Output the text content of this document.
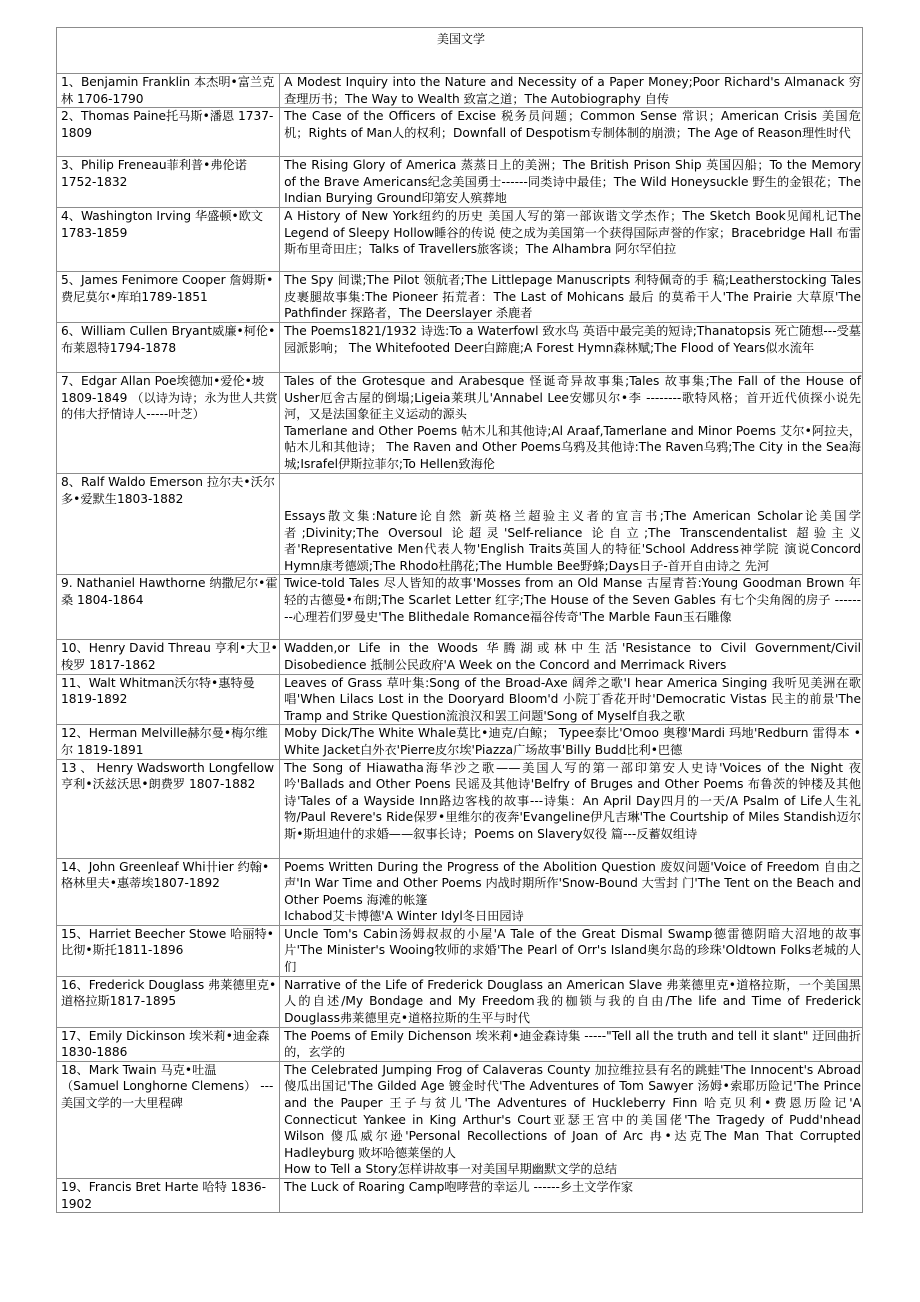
美国文学	
1、Benjamin Franklin 本杰明•富兰克林 1706-1790	A Modest Inquiry into the Nature and Necessity of a Paper Money;Poor Richard's Almanack 穷查理历书；The Way to Wealth 致富之道；The Autobiography 自传

2、Thomas Paine托马斯•潘恩 1737-1809	The Case of the Officers of Excise 税务员问题；Common Sense 常识；American Crisis 美国危机；Rights of Man人的权利；Downfall of Despotism专制体制的崩溃；The Age of Reason理性时代

3、Philip Freneau菲利普•弗伦诺 1752-1832	The Rising Glory of America 蒸蒸日上的美洲；The British Prison Ship 英国囚船；To the Memory of the Brave Americans纪念美国勇士------同类诗中最佳；The Wild Honeysuckle 野生的金银花；The Indian Burying Ground印第安人殡葬地

4、Washington Irving 华盛顿•欧文 1783-1859	A History of New York纽约的历史 美国人写的第一部诙谐文学杰作；The Sketch Book见闻札记The Legend of Sleepy Hollow睡谷的传说 使之成为美国第一个获得国际声誉的作家；Bracebridge Hall 布雷斯布里奇田庄；Talks of Travellers旅客谈；The Alhambra 阿尔罕伯拉

5、James Fenimore Cooper 詹姆斯•费尼莫尔•库珀1789-1851	The Spy 间谍;The Pilot 领航者;The Littlepage Manuscripts 利特佩奇的手 稿;Leatherstocking Tales 皮裹腿故事集:The Pioneer 拓荒者：The Last of Mohicans 最后 的莫希干人'The Prairie 大草原'The Pathfinder 探路者，The Deerslayer 杀鹿者

6、William Cullen Bryant威廉•柯伦•布莱恩特1794-1878	The Poems1821/1932 诗选:To a Waterfowl 致水鸟 英语中最完美的短诗;Thanatopsis 死亡随想---受墓园派影响； The Whitefooted Deer白蹄鹿;A Forest Hymn森林赋;The Flood of Years似水流年

7、Edgar Allan Poe埃德加•爱伦•坡1809-1849 （以诗为诗；永为世人共赏的伟大抒情诗人-----叶芝）	Tales of the Grotesque and Arabesque 怪诞奇异故事集;Tales 故事集;The Fall of the House of Usher厄舍古屋的倒塌;Ligeia莱琪儿'Annabel Lee安娜贝尔•李 --------歌特风格；首开近代侦探小说先河，又是法国象征主义运动的源头
Tamerlane and Other Poems 帖木儿和其他诗;Al Araaf,Tamerlane and Minor Poems 艾尔•阿拉夫，帖木儿和其他诗； The Raven and Other Poems乌鸦及其他诗:The Raven乌鸦;The City in the Sea海城;Israfel伊斯拉菲尔;To Hellen致海伦

8、Ralf Waldo Emerson 拉尔夫•沃尔多•爱默生1803-1882	Essays散文集:Nature论自然 新英格兰超验主义者的宣言书;The American Scholar论美国学者;Divinity;The Oversoul 论超灵'Self-reliance 论自立;The Transcendentalist 超验主义者'Representative Men代表人物'English Traits英国人的特征'School Address神学院 演说Concord Hymn康考德颂;The Rhodo杜鹃花;The Humble Bee野蜂;Days日子-首开自由诗之 先河

9. Nathaniel Hawthorne 纳撒尼尔•霍桑 1804-1864	Twice-told Tales 尽人皆知的故事'Mosses from an Old Manse 古屋青苔:Young Goodman Brown 年轻的古德曼•布朗;The Scarlet Letter 红字;The House of the Seven Gables 有七个尖角阁的房子 --------心理若们罗曼史'The Blithedale Romance福谷传奇'The Marble Faun玉石雕像

10、Henry David Threau 亨利•大卫•梭罗 1817-1862	Wadden,or Life in the Woods 华腾湖或林中生活'Resistance to Civil Government/Civil Disobedience 抵制公民政府'A Week on the Concord and Merrimack Rivers

11、Walt Whitman沃尔特•惠特曼 1819-1892	Leaves of Grass 草叶集:Song of the Broad-Axe 阔斧之歌'I hear America Singing 我听见美洲在歌唱'When Lilacs Lost in the Dooryard Bloom'd 小院丁香花开时'Democratic Vistas 民主的前景'The Tramp and Strike Question流浪汉和罢工问题'Song of Myself自我之歌

12、Herman Melville赫尔曼•梅尔维尔 1819-1891	Moby Dick/The White Whale莫比•迪克/白鲸； Typee泰比'Omoo 奥穆'Mardi 玛地'Redburn 雷得本 • White Jacket白外衣'Pierre皮尔埃'Piazza广场故事'Billy Budd比利•巴德

13 、 Henry Wadsworth Longfellow亨利•沃兹沃思•朗费罗 1807-1882	The Song of Hiawatha海华沙之歌——美国人写的第一部印第安人史诗'Voices of the Night 夜吟'Ballads and Other Poens 民谣及其他诗'Belfry of Bruges and Other Poems 布鲁茨的钟楼及其他诗'Tales of a Wayside Inn路边客栈的故事---诗集：An April Day四月的一天/A Psalm of Life人生礼物/Paul Revere's Ride保罗•里维尔的夜奔'Evangeline伊凡吉琳'The Courtship of Miles Standish迈尔斯•斯坦迪什的求婚——叙事长诗；Poems on Slavery奴役 篇---反蓄奴组诗

14、John Greenleaf Whi卄ier 约翰•格林里夫•惠蒂埃1807-1892	Poems Written During the Progress of the Abolition Question 废奴问题'Voice of Freedom 自由之声'In War Time and Other Poems 内战时期所作'Snow-Bound 大雪封 门'The Tent on the Beach and Other Poems 海滩的帐篷
Ichabod艾卡博德'A Winter Idyl冬日田园诗

15、Harriet Beecher Stowe 哈丽特•比彻•斯托1811-1896	Uncle Tom's Cabin汤姆叔叔的小屋'A Tale of the Great Dismal Swamp德雷德阴暗大沼地的故事片'The Minister's Wooing牧师的求婚'The Pearl of Orr's Island奥尔岛的珍珠'Oldtown Folks老城的人们

16、Frederick Douglass 弗莱德里克•道格拉斯1817-1895	Narrative of the Life of Frederick Douglass an American Slave 弗莱德里克•道格拉斯，一个美国黑人的自述/My Bondage and My Freedom我的枷锁与我的自由/The life and Time of Frederick Douglass弗莱德里克•道格拉斯的生平与时代

17、Emily Dickinson 埃米莉•迪金森 1830-1886	The Poems of Emily Dichenson 埃米莉•迪金森诗集 -----"Tell all the truth and tell it slant" 迂回曲折的，玄学的

18、Mark Twain 马克•吐温 （Samuel Longhorne Clemens） ---美国文学的一大里程碑	The Celebrated Jumping Frog of Calaveras County 加拉维拉县有名的跳蛙'The Innocent's Abroad 傻瓜出国记'The Gilded Age 镀金时代'The Adventures of Tom Sawyer 汤姆•索耶历险记'The Prince and the Pauper 王子与贫儿'The Adventures of Huckleberry Finn 哈克贝利•费恩历险记'A Connecticut Yankee in King Arthur's Court亚瑟王宫中的美国佬'The Tragedy of Pudd'nhead Wilson 傻瓜威尔逊'Personal Recollections of Joan of Arc 冉•达克The Man That Corrupted Hadleyburg 败坏哈德莱堡的人
How to Tell a Story怎样讲故事一对美国早期幽默文学的总结

19、Francis Bret Harte 哈特 1836-1902	The Luck of Roaring Camp咆哮营的幸运儿 ------乡土文学作家
